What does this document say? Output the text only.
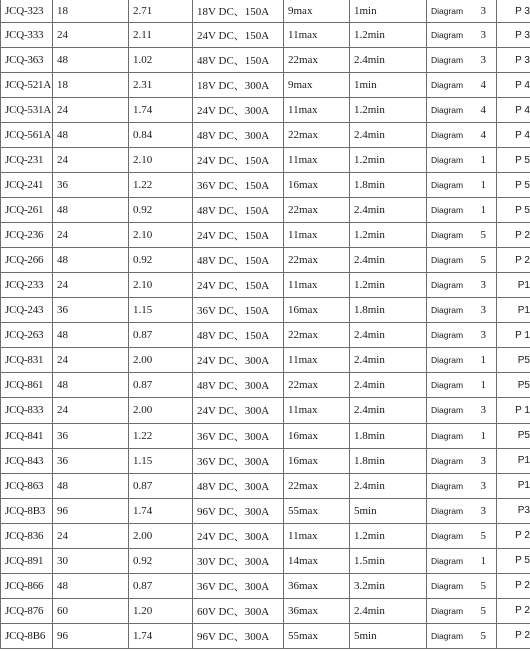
JCQ-323	18	2.71	18V DC、150A	9max	1min	Diagram	3	P 3
JCQ-333	24	2.11	24V DC、150A	11max	1.2min	Diagram	3	P 3
JCQ-363	48	1.02	48V DC、150A	22max	2.4min	Diagram	3	P 3
JCQ-521A	18	2.31	18V DC、300A	9max	1min	Diagram	4	P 4
JCQ-531A	24	1.74	24V DC、300A	11max	1.2min	Diagram	4	P 4
JCQ-561A	48	0.84	48V DC、300A	22max	2.4min	Diagram	4	P 4
JCQ-231	24	2.10	24V DC、150A	11max	1.2min	Diagram	1	P 5
JCQ-241	36	1.22	36V DC、150A	16max	1.8min	Diagram	1	P 5
JCQ-261	48	0.92	48V DC、150A	22max	2.4min	Diagram	1	P 5
JCQ-236	24	2.10	24V DC、150A	11max	1.2min	Diagram	5	P 2
JCQ-266	48	0.92	48V DC、150A	22max	2.4min	Diagram	5	P 2
JCQ-233	24	2.10	24V DC、150A	11max	1.2min	Diagram	3	P1
JCQ-243	36	1.15	36V DC、150A	16max	1.8min	Diagram	3	P1
JCQ-263	48	0.87	48V DC、150A	22max	2.4min	Diagram	3	P 1
JCQ-831	24	2.00	24V DC、300A	11max	2.4min	Diagram	1	P5
JCQ-861	48	0.87	48V DC、300A	22max	2.4min	Diagram	1	P5
JCQ-833	24	2.00	24V DC、300A	11max	2.4min	Diagram	3	P 1
JCQ-841	36	1.22	36V DC、300A	16max	1.8min	Diagram	1	P5
JCQ-843	36	1.15	36V DC、300A	16max	1.8min	Diagram	3	P1
JCQ-863	48	0.87	48V DC、300A	22max	2.4min	Diagram	3	P1
JCQ-8B3	96	1.74	96V DC、300A	55max	5min	Diagram	3	P3
JCQ-836	24	2.00	24V DC、300A	11max	1.2min	Diagram	5	P 2
JCQ-891	30	0.92	30V DC、300A	14max	1.5min	Diagram	1	P 5
JCQ-866	48	0.87	36V DC、300A	36max	3.2min	Diagram	5	P 2
JCQ-876	60	1.20	60V DC、300A	36max	2.4min	Diagram	5	P 2
JCQ-8B6	96	1.74	96V DC、300A	55max	5min	Diagram	5	P 2
